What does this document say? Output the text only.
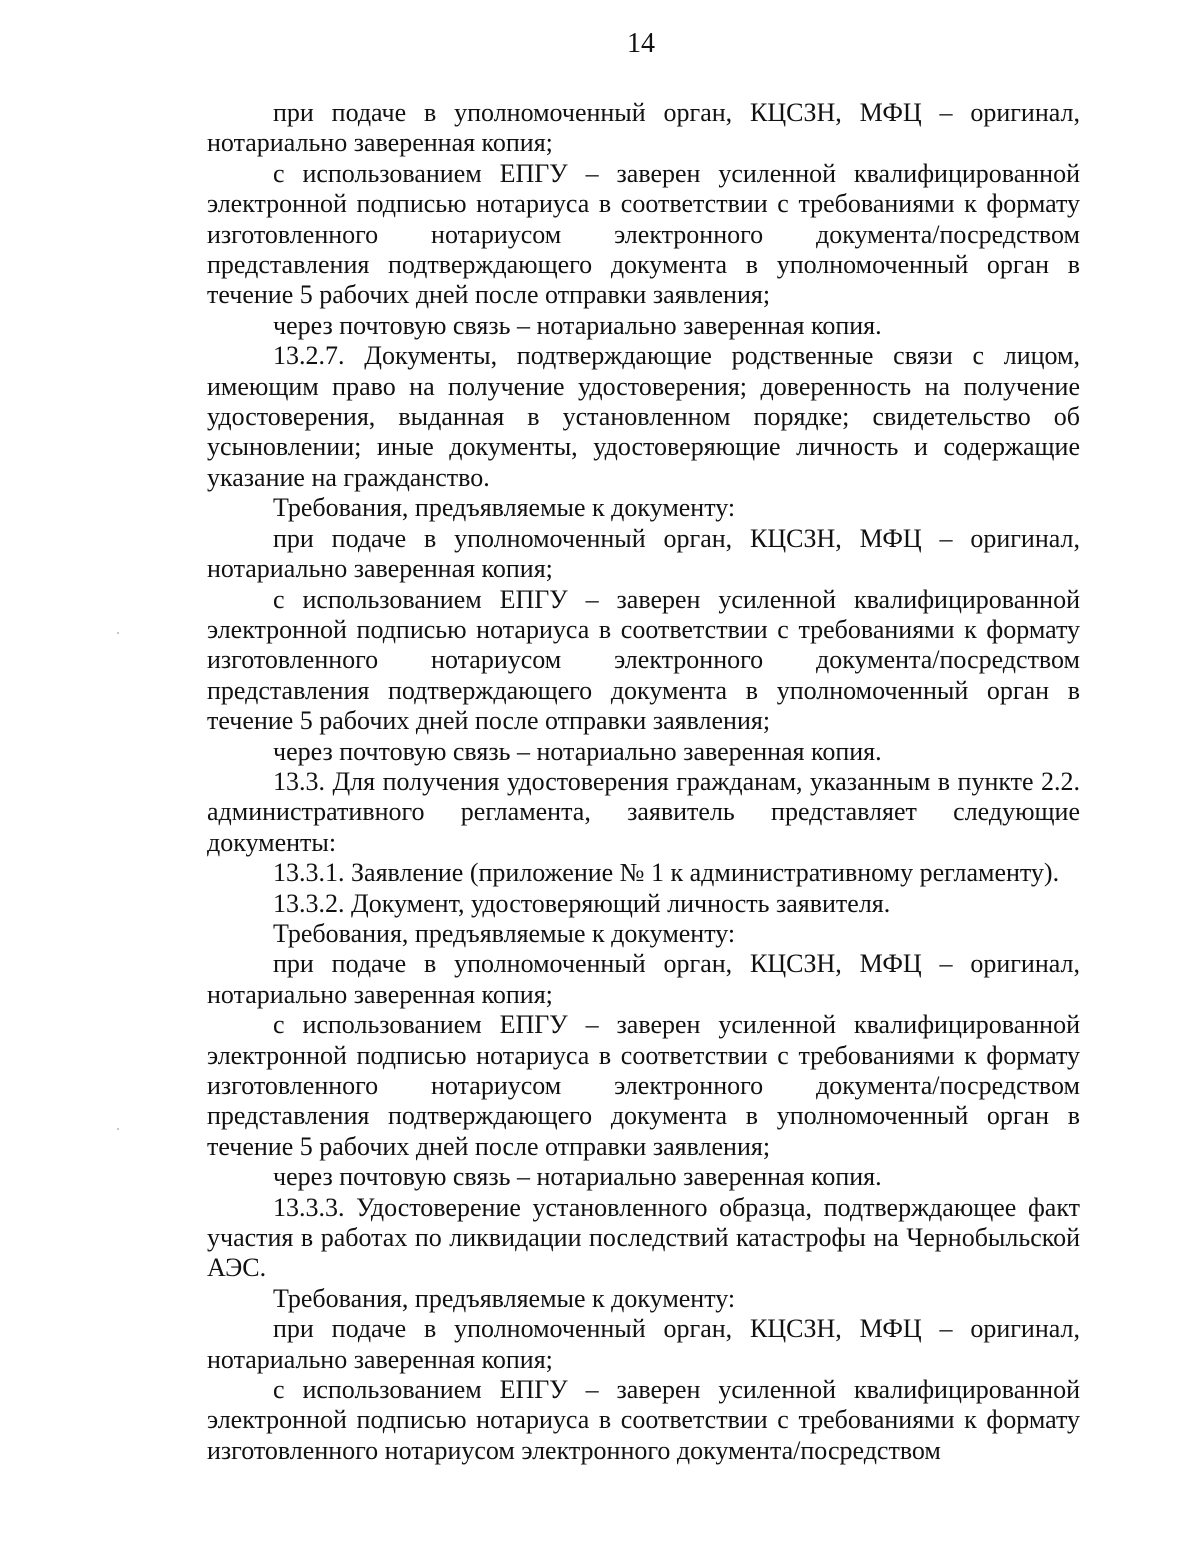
14

при подаче в уполномоченный орган, КЦСЗН, МФЦ – оригинал, нотариально заверенная копия;

с использованием ЕПГУ – заверен усиленной квалифицированной электронной подписью нотариуса в соответствии с требованиями к формату изготовленного нотариусом электронного документа/посредством представления подтверждающего документа в уполномоченный орган в течение 5 рабочих дней после отправки заявления;

через почтовую связь – нотариально заверенная копия.

13.2.7. Документы, подтверждающие родственные связи с лицом, имеющим право на получение удостоверения; доверенность на получение удостоверения, выданная в установленном порядке; свидетельство об усыновлении; иные документы, удостоверяющие личность и содержащие указание на гражданство.

Требования, предъявляемые к документу:

при подаче в уполномоченный орган, КЦСЗН, МФЦ – оригинал, нотариально заверенная копия;

с использованием ЕПГУ – заверен усиленной квалифицированной электронной подписью нотариуса в соответствии с требованиями к формату изготовленного нотариусом электронного документа/посредством представления подтверждающего документа в уполномоченный орган в течение 5 рабочих дней после отправки заявления;

через почтовую связь – нотариально заверенная копия.

13.3. Для получения удостоверения гражданам, указанным в пункте 2.2. административного регламента, заявитель представляет следующие документы:

13.3.1. Заявление (приложение № 1 к административному регламенту).

13.3.2. Документ, удостоверяющий личность заявителя.

Требования, предъявляемые к документу:

при подаче в уполномоченный орган, КЦСЗН, МФЦ – оригинал, нотариально заверенная копия;

с использованием ЕПГУ – заверен усиленной квалифицированной электронной подписью нотариуса в соответствии с требованиями к формату изготовленного нотариусом электронного документа/посредством представления подтверждающего документа в уполномоченный орган в течение 5 рабочих дней после отправки заявления;

через почтовую связь – нотариально заверенная копия.

13.3.3. Удостоверение установленного образца, подтверждающее факт участия в работах по ликвидации последствий катастрофы на Чернобыльской АЭС.

Требования, предъявляемые к документу:

при подаче в уполномоченный орган, КЦСЗН, МФЦ – оригинал, нотариально заверенная копия;

с использованием ЕПГУ – заверен усиленной квалифицированной электронной подписью нотариуса в соответствии с требованиями к формату изготовленного нотариусом электронного документа/посредством
